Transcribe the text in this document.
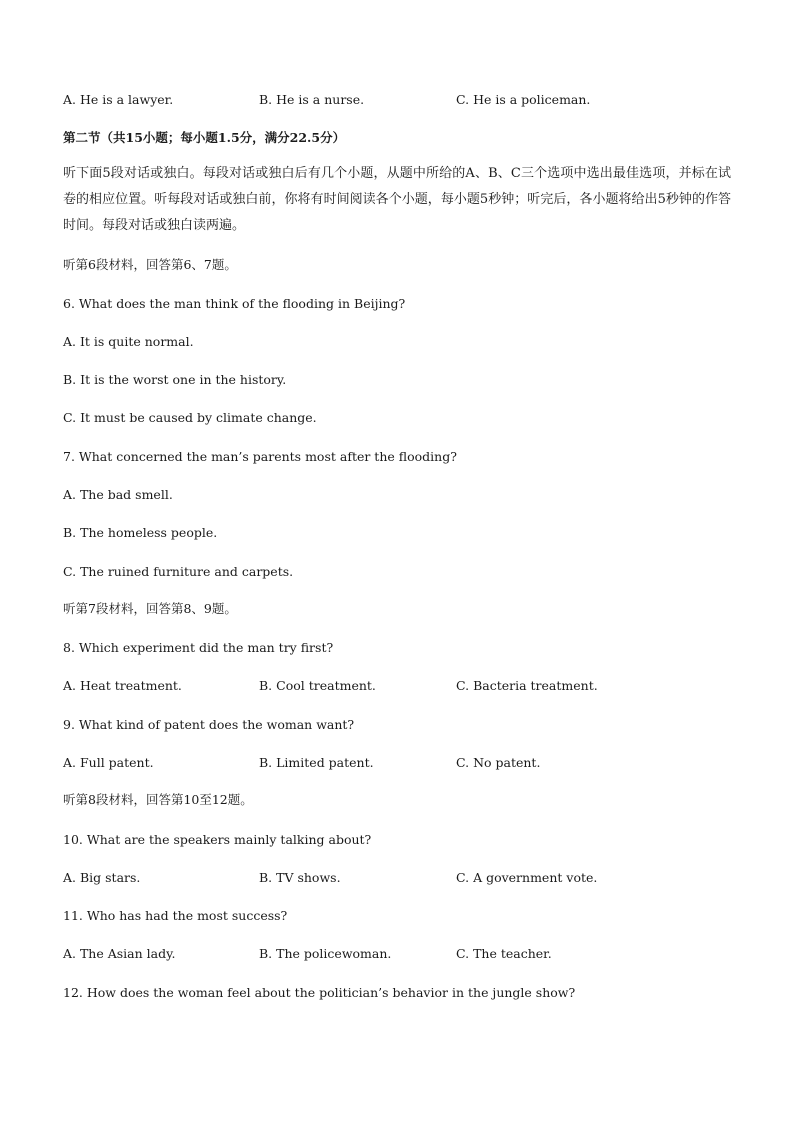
A. He is a lawyer.	B. He is a nurse.	C. He is a policeman.
第二节（共15小题；每小题1.5分，满分22.5分）
听下面5段对话或独白。每段对话或独白后有几个小题，从题中所给的A、B、C三个选项中选出最佳选项，并标在试卷的相应位置。听每段对话或独白前，你将有时间阅读各个小题，每小题5秒钟；听完后，各小题将给出5秒钟的作答时间。每段对话或独白读两遍。
听第6段材料，回答第6、7题。
6. What does the man think of the flooding in Beijing?
A. It is quite normal.
B. It is the worst one in the history.
C. It must be caused by climate change.
7. What concerned the man’s parents most after the flooding?
A. The bad smell.
B. The homeless people.
C. The ruined furniture and carpets.
听第7段材料，回答第8、9题。
8. Which experiment did the man try first?
A. Heat treatment.	B. Cool treatment.	C. Bacteria treatment.
9. What kind of patent does the woman want?
A. Full patent.	B. Limited patent.	C. No patent.
听第8段材料，回答第10至12题。
10. What are the speakers mainly talking about?
A. Big stars.	B. TV shows.	C. A government vote.
11. Who has had the most success?
A. The Asian lady.	B. The policewoman.	C. The teacher.
12. How does the woman feel about the politician’s behavior in the jungle show?
